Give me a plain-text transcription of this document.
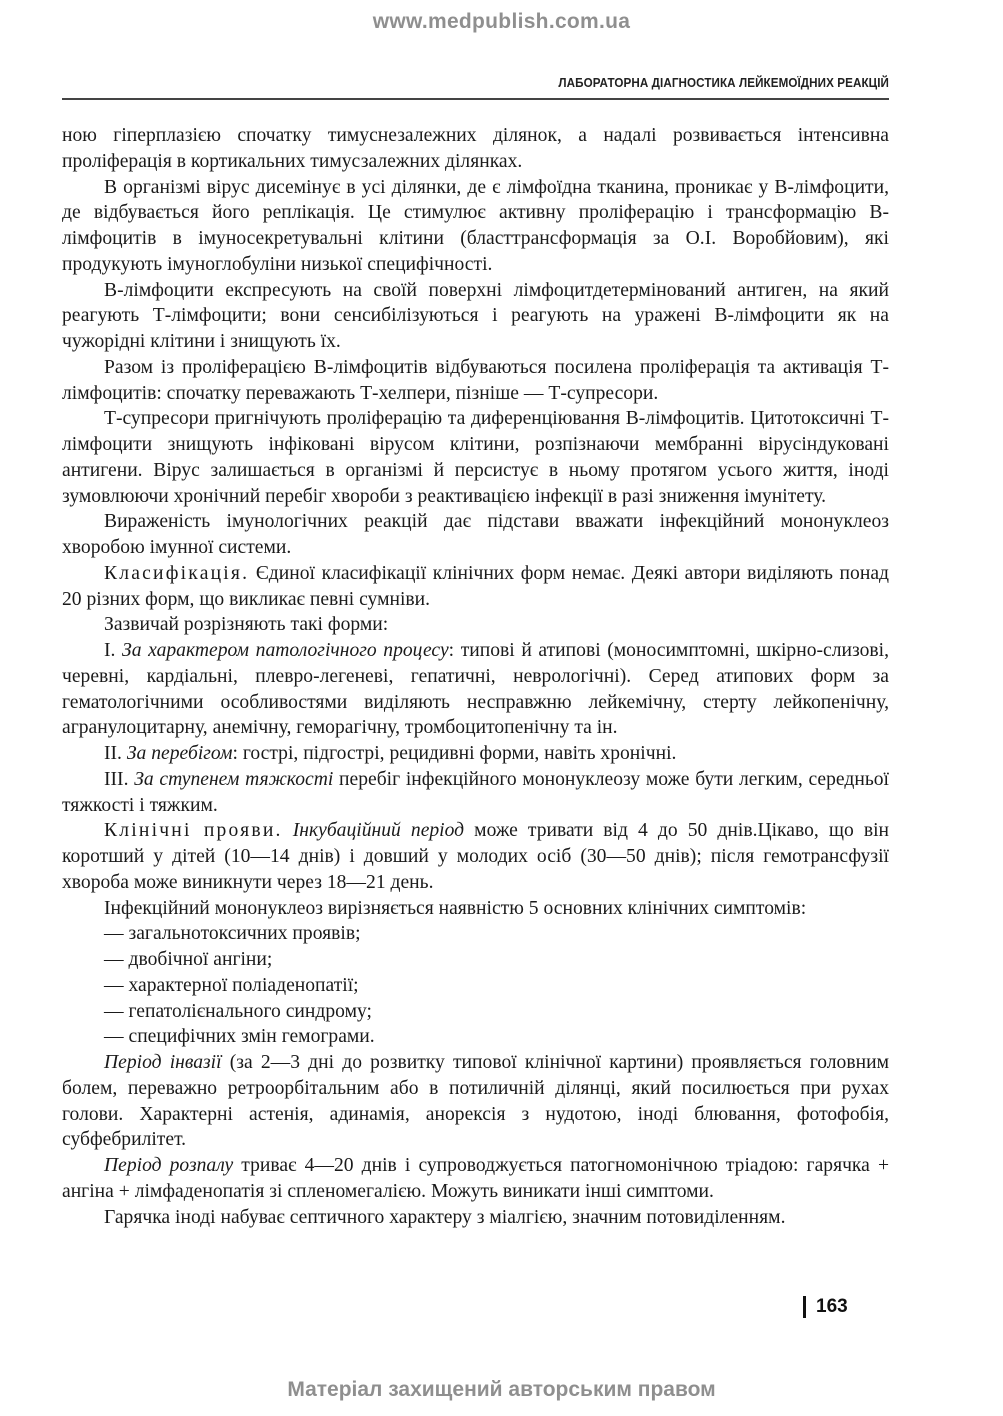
www.medpublish.com.ua
ЛАБОРАТОРНА ДІАГНОСТИКА ЛЕЙКЕМОЇДНИХ РЕАКЦІЙ

ною гіперплазією спочатку тимуснезалежних ділянок, а надалі розвивається інтенсивна проліферація в кортикальних тимусзалежних ділянках.

В організмі вірус дисемінує в усі ділянки, де є лімфоїдна тканина, проникає у В-лімфоцити, де відбувається його реплікація. Це стимулює активну проліферацію і трансформацію В-лімфоцитів в імуносекретувальні клітини (бласттрансформація за О.І. Воробйовим), які продукують імуноглобуліни низької специфічності.

В-лімфоцити експресують на своїй поверхні лімфоцитдетермінований антиген, на який реагують Т-лімфоцити; вони сенсибілізуються і реагують на уражені В-лімфоцити як на чужорідні клітини і знищують їх.

Разом із проліферацією В-лімфоцитів відбуваються посилена проліферація та активація Т-лімфоцитів: спочатку переважають Т-хелпери, пізніше — Т-супресори.

Т-супресори пригнічують проліферацію та диференціювання В-лімфоцитів. Цитотоксичні Т-лімфоцити знищують інфіковані вірусом клітини, розпізнаючи мембранні вірусіндуковані антигени. Вірус залишається в організмі й персистує в ньому протягом усього життя, іноді зумовлюючи хронічний перебіг хвороби з реактивацією інфекції в разі зниження імунітету.

Вираженість імунологічних реакцій дає підстави вважати інфекційний мононуклеоз хворобою імунної системи.

Класифікація. Єдиної класифікації клінічних форм немає. Деякі автори виділяють понад 20 різних форм, що викликає певні сумніви.

Зазвичай розрізняють такі форми:

І. За характером патологічного процесу: типові й атипові (моносимптомні, шкірно-слизові, черевні, кардіальні, плевро-легеневі, гепатичні, неврологічні). Серед атипових форм за гематологічними особливостями виділяють несправжню лейкемічну, стерту лейкопенічну, агранулоцитарну, анемічну, геморагічну, тромбоцитопенічну та ін.

ІІ. За перебігом: гострі, підгострі, рецидивні форми, навіть хронічні.

ІІІ. За ступенем тяжкості перебіг інфекційного мононуклеозу може бути легким, середньої тяжкості і тяжким.

Клінічні прояви. Інкубаційний період може тривати від 4 до 50 днів.Цікаво, що він коротший у дітей (10—14 днів) і довший у молодих осіб (30—50 днів); після гемотрансфузії хвороба може виникнути через 18—21 день.

Інфекційний мононуклеоз вирізняється наявністю 5 основних клінічних симптомів:

— загальнотоксичних проявів;

— двобічної ангіни;

— характерної поліаденопатії;

— гепатолієнального синдрому;

— специфічних змін гемограми.

Період інвазії (за 2—3 дні до розвитку типової клінічної картини) проявляється головним болем, переважно ретроорбітальним або в потиличній ділянці, який посилюється при рухах голови. Характерні астенія, адинамія, анорексія з нудотою, іноді блювання, фотофобія, субфебрилітет.

Період розпалу триває 4—20 днів і супроводжується патогномонічною тріадою: гарячка + ангіна + лімфаденопатія зі спленомегалією. Можуть виникати інші симптоми.

Гарячка іноді набуває септичного характеру з міалгією, значним потовиділенням.

163
Матеріал захищений авторським правом
